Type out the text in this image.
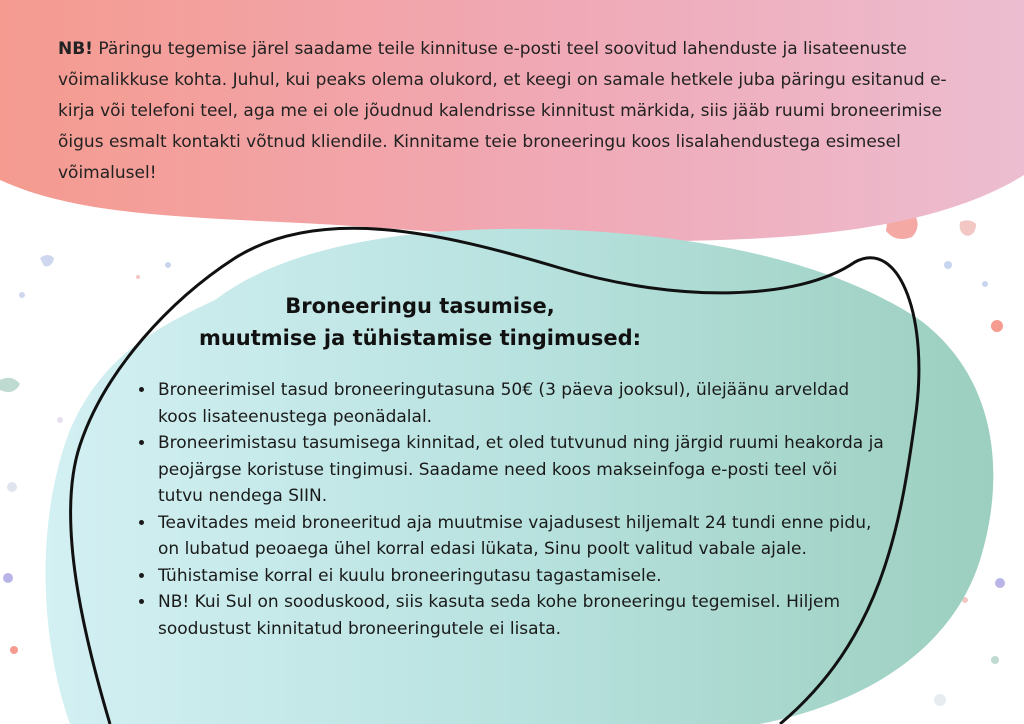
NB! Päringu tegemise järel saadame teile kinnituse e-posti teel soovitud lahenduste ja lisateenuste võimalikkuse kohta. Juhul, kui peaks olema olukord, et keegi on samale hetkele juba päringu esitanud e-kirja või telefoni teel, aga me ei ole jõudnud kalendrisse kinnitust märkida, siis jääb ruumi broneerimise õigus esmalt kontakti võtnud kliendile. Kinnitame teie broneeringu koos lisalahendustega esimesel võimalusel!

Broneeringu tasumise,
muutmise ja tühistamise tingimused:
• Broneerimisel tasud broneeringutasuna 50€ (3 päeva jooksul), ülejäänu arveldad koos lisateenustega peonädalal.
• Broneerimistasu tasumisega kinnitad, et oled tutvunud ning järgid ruumi heakorda ja peojärgse koristuse tingimusi. Saadame need koos makseinfoga e-posti teel või tutvu nendega SIIN.
• Teavitades meid broneeritud aja muutmise vajadusest hiljemalt 24 tundi enne pidu, on lubatud peoaega ühel korral edasi lükata, Sinu poolt valitud vabale ajale.
• Tühistamise korral ei kuulu broneeringutasu tagastamisele.
• NB! Kui Sul on sooduskood, siis kasuta seda kohe broneeringu tegemisel. Hiljem soodustust kinnitatud broneeringutele ei lisata.
